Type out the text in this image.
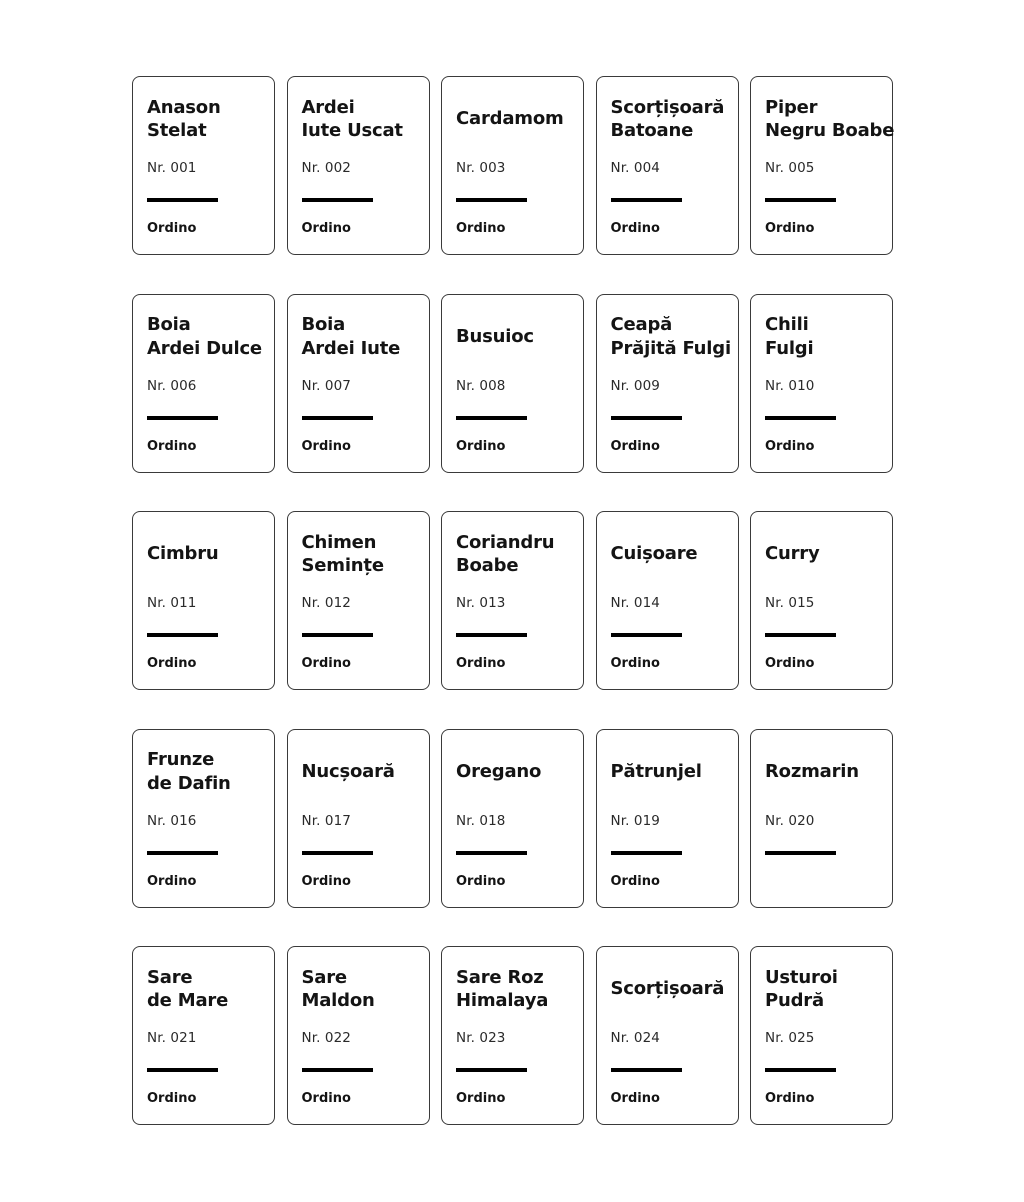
Anason
Stelat
Nr. 001
Ordino
Ardei
Iute Uscat
Nr. 002
Ordino
Cardamom
Nr. 003
Ordino
Scorțișoară
Batoane
Nr. 004
Ordino
Piper
Negru Boabe
Nr. 005
Ordino
Boia
Ardei Dulce
Nr. 006
Ordino
Boia
Ardei Iute
Nr. 007
Ordino
Busuioc
Nr. 008
Ordino
Ceapă
Prăjită Fulgi
Nr. 009
Ordino
Chili
Fulgi
Nr. 010
Ordino
Cimbru
Nr. 011
Ordino
Chimen
Semințe
Nr. 012
Ordino
Coriandru
Boabe
Nr. 013
Ordino
Cuișoare
Nr. 014
Ordino
Curry
Nr. 015
Ordino
Frunze
de Dafin
Nr. 016
Ordino
Nucșoară
Nr. 017
Ordino
Oregano
Nr. 018
Ordino
Pătrunjel
Nr. 019
Ordino
Rozmarin
Nr. 020
Sare
de Mare
Nr. 021
Ordino
Sare
Maldon
Nr. 022
Ordino
Sare Roz
Himalaya
Nr. 023
Ordino
Scorțișoară
Nr. 024
Ordino
Usturoi
Pudră
Nr. 025
Ordino
